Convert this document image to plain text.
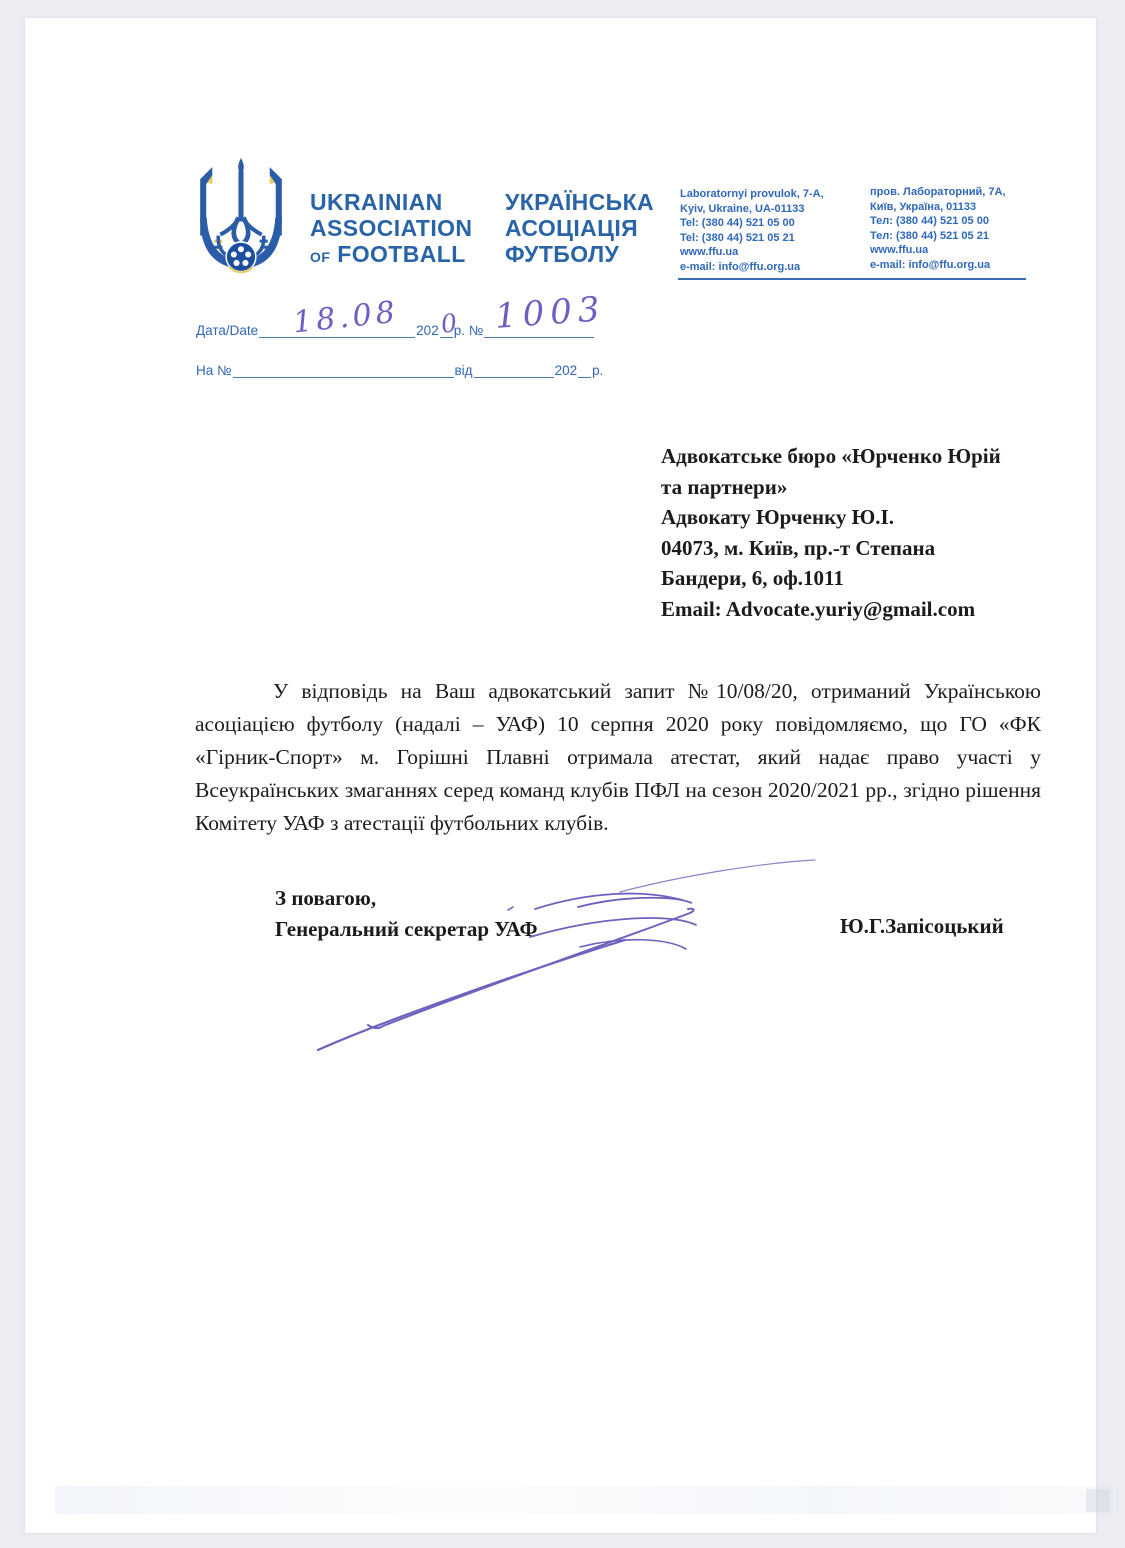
UKRAINIAN
ASSOCIATION
OF FOOTBALL
УКРАЇНСЬКА
АСОЦІАЦІЯ
ФУТБОЛУ
Laboratornyi provulok, 7-A,
Kyiv, Ukraine, UA-01133
Tel: (380 44) 521 05 00
Tel: (380 44) 521 05 21
www.ffu.ua
e-mail: info@ffu.org.ua
пров. Лабораторний, 7А,
Київ, Україна, 01133
Тел: (380 44) 521 05 00
Тел: (380 44) 521 05 21
www.ffu.ua
e-mail: info@ffu.org.ua
Дата/Date	202 р. №
На №	від	202 р.
18.08 0 1003
Адвокатське бюро «Юрченко Юрій
та партнери»
Адвокату Юрченку Ю.І.
04073, м. Київ, пр.-т Степана
Бандери, 6, оф.1011
Email: Advocate.yuriy@gmail.com
У відповідь на Ваш адвокатський запит №10/08/20, отриманий Українською асоціацією футболу (надалі – УАФ) 10 серпня 2020 року повідомляємо, що ГО «ФК «Гірник-Спорт» м. Горішні Плавні отримала атестат, який надає право участі у Всеукраїнських змаганнях серед команд клубів ПФЛ на сезон 2020/2021 рр., згідно рішення Комітету УАФ з атестації футбольних клубів.
З повагою,
Генеральний секретар УАФ	Ю.Г.Запісоцький
